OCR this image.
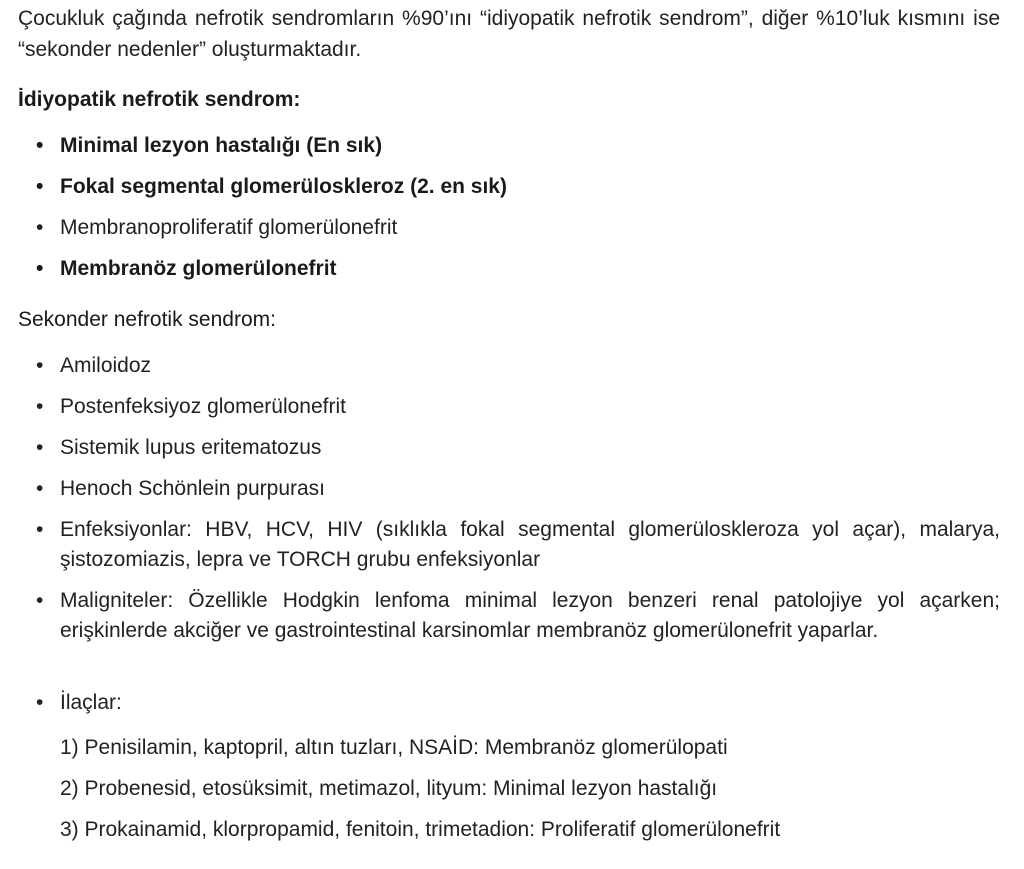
Çocukluk çağında nefrotik sendromların %90’ını “idiyopatik nefrotik sendrom”, diğer %10’luk kısmını ise “sekonder nedenler” oluşturmaktadır.

İdiyopatik nefrotik sendrom:
• Minimal lezyon hastalığı (En sık)
• Fokal segmental glomerüloskleroz (2. en sık)
• Membranoproliferatif glomerülonefrit
• Membranöz glomerülonefrit
Sekonder nefrotik sendrom:
• Amiloidoz
• Postenfeksiyoz glomerülonefrit
• Sistemik lupus eritematozus
• Henoch Schönlein purpurası
• Enfeksiyonlar: HBV, HCV, HIV (sıklıkla fokal segmental glomerülosklerozа yol açar), malarya, şistozomiazis, lepra ve TORCH grubu enfeksiyonlar
• Maligniteler: Özellikle Hodgkin lenfoma minimal lezyon benzeri renal patolojiye yol açarken; erişkinlerde akciğer ve gastrointestinal karsinomlar membranöz glomerülonefrit yaparlar.
• İlaçlar:
1) Penisilamin, kaptopril, altın tuzları, NSAİD: Membranöz glomerülopati
2) Probenesid, etosüksimit, metimazol, lityum: Minimal lezyon hastalığı
3) Prokainamid, klorpropamid, fenitoin, trimetadion: Proliferatif glomerülonefrit
